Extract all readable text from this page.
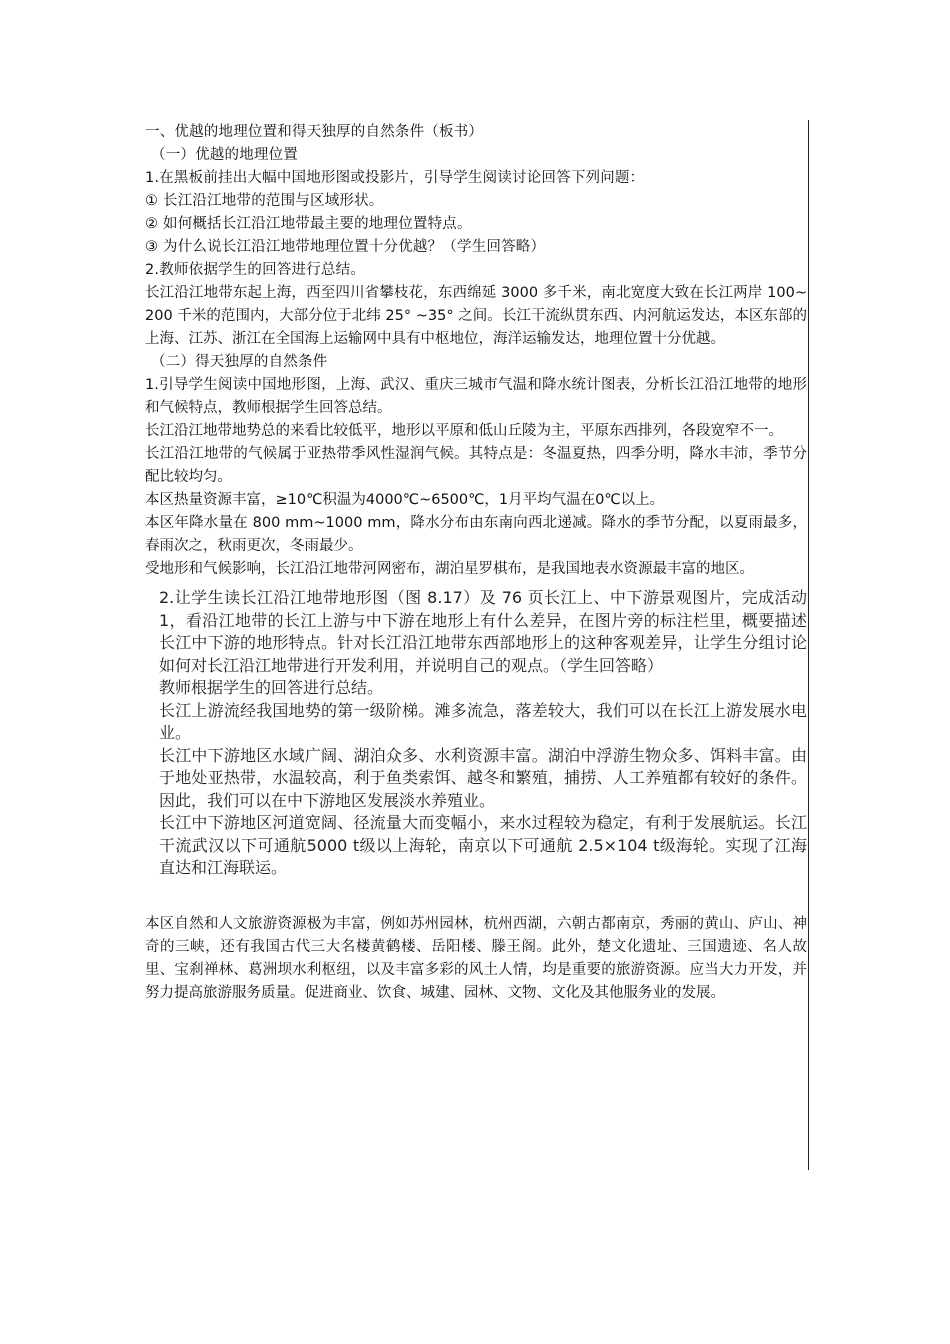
一、优越的地理位置和得天独厚的自然条件（板书）

（一）优越的地理位置

1.在黑板前挂出大幅中国地形图或投影片，引导学生阅读讨论回答下列问题：

① 长江沿江地带的范围与区域形状。

② 如何概括长江沿江地带最主要的地理位置特点。

③ 为什么说长江沿江地带地理位置十分优越？（学生回答略）

2.教师依据学生的回答进行总结。

长江沿江地带东起上海，西至四川省攀枝花，东西绵延 3000 多千米，南北宽度大致在长江两岸 100~200 千米的范围内，大部分位于北纬 25° ~35° 之间。长江干流纵贯东西、内河航运发达，本区东部的上海、江苏、浙江在全国海上运输网中具有中枢地位，海洋运输发达，地理位置十分优越。

（二）得天独厚的自然条件

1.引导学生阅读中国地形图，上海、武汉、重庆三城市气温和降水统计图表，分析长江沿江地带的地形和气候特点，教师根据学生回答总结。

长江沿江地带地势总的来看比较低平，地形以平原和低山丘陵为主，平原东西排列，各段宽窄不一。

长江沿江地带的气候属于亚热带季风性湿润气候。其特点是：冬温夏热，四季分明，降水丰沛，季节分配比较均匀。

本区热量资源丰富，≥10℃积温为4000℃~6500℃，1月平均气温在0℃以上。

本区年降水量在 800 mm~1000 mm，降水分布由东南向西北递减。降水的季节分配，以夏雨最多，春雨次之，秋雨更次，冬雨最少。

受地形和气候影响，长江沿江地带河网密布，湖泊星罗棋布，是我国地表水资源最丰富的地区。

2.让学生读长江沿江地带地形图（图 8.17）及 76 页长江上、中下游景观图片，完成活动 1，看沿江地带的长江上游与中下游在地形上有什么差异，在图片旁的标注栏里，概要描述长江中下游的地形特点。针对长江沿江地带东西部地形上的这种客观差异，让学生分组讨论如何对长江沿江地带进行开发利用，并说明自己的观点。（学生回答略）

教师根据学生的回答进行总结。

长江上游流经我国地势的第一级阶梯。滩多流急，落差较大，我们可以在长江上游发展水电业。

长江中下游地区水域广阔、湖泊众多、水利资源丰富。湖泊中浮游生物众多、饵料丰富。由于地处亚热带，水温较高，利于鱼类索饵、越冬和繁殖，捕捞、人工养殖都有较好的条件。因此，我们可以在中下游地区发展淡水养殖业。

长江中下游地区河道宽阔、径流量大而变幅小，来水过程较为稳定，有利于发展航运。长江干流武汉以下可通航5000 t级以上海轮，南京以下可通航 2.5×104 t级海轮。实现了江海直达和江海联运。

本区自然和人文旅游资源极为丰富，例如苏州园林，杭州西湖，六朝古都南京，秀丽的黄山、庐山、神奇的三峡，还有我国古代三大名楼黄鹤楼、岳阳楼、滕王阁。此外，楚文化遗址、三国遗迹、名人故里、宝刹禅林、葛洲坝水利枢纽，以及丰富多彩的风土人情，均是重要的旅游资源。应当大力开发，并努力提高旅游服务质量。促进商业、饮食、城建、园林、文物、文化及其他服务业的发展。
